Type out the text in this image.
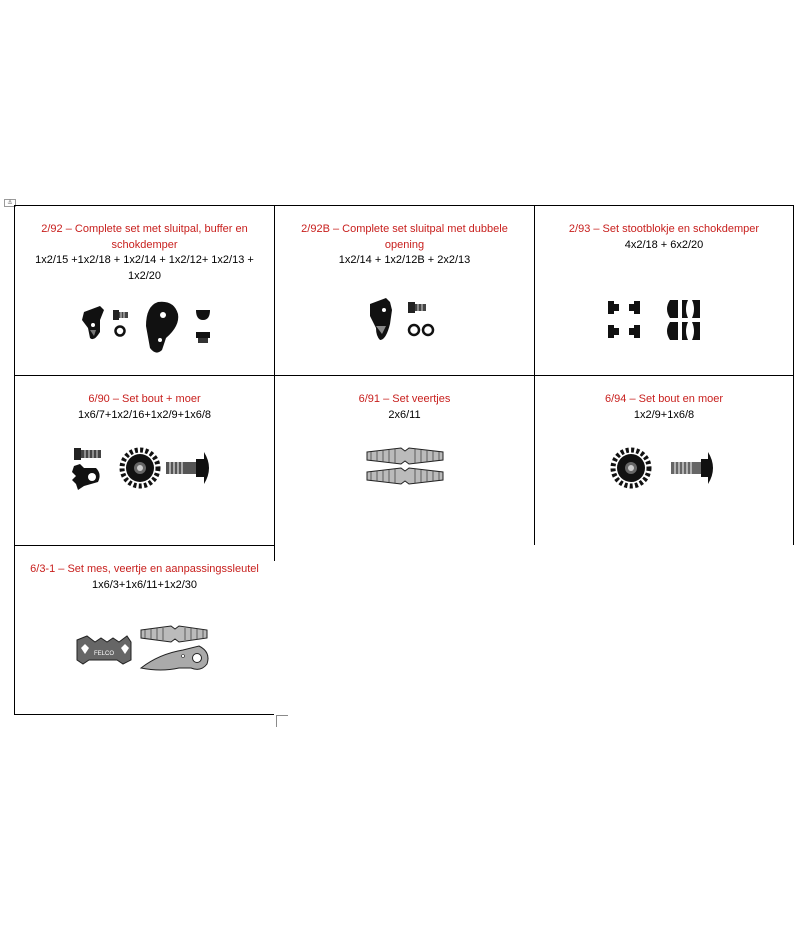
⚓
2/92 – Complete set met sluitpal, buffer en schokdemper
1x2/15 +1x2/18 + 1x2/14 + 1x2/12+ 1x2/13 + 1x2/20
2/92B – Complete set sluitpal met dubbele opening
1x2/14 + 1x2/12B + 2x2/13
2/93 – Set stootblokje en schokdemper
4x2/18 + 6x2/20
6/90 – Set bout + moer
1x6/7+1x2/16+1x2/9+1x6/8
6/91 – Set veertjes
2x6/11
6/94 – Set bout en moer
1x2/9+1x6/8
6/3-1 – Set mes, veertje en aanpassingssleutel
1x6/3+1x6/11+1x2/30
FELCO
